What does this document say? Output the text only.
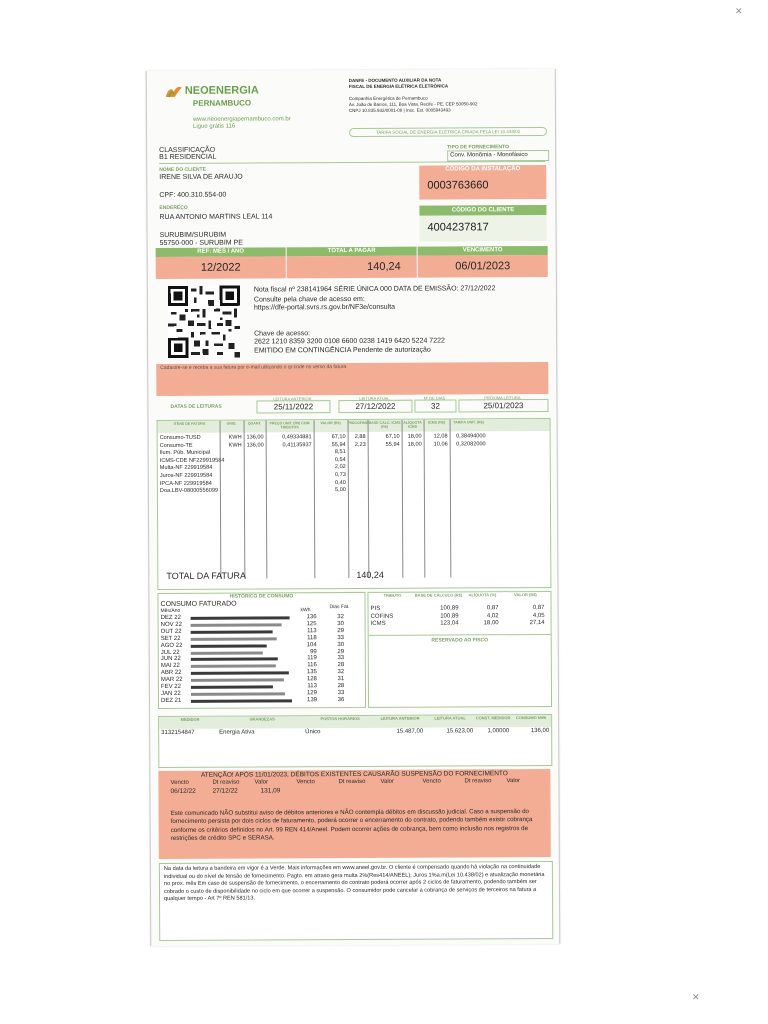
✕
✕
NEOENERGIA
PERNAMBUCO
www.neoenergiapernambuco.com.br
Ligue grátis 116
DANFE - DOCUMENTO AUXILIAR DA NOTA
FISCAL DE ENERGIA ELÉTRICA ELETRÔNICA
Companhia Energética de Pernambuco
Av. João de Barros, 111, Boa Vista, Recife - PE, CEP 50050-902
CNPJ 10.835.932/0001-08 | Insc. Est. 0005943493
TARIFA SOCIAL DE ENERGIA ELÉTRICA CRIADA PELA LEI 10.438/02
CLASSIFICAÇÃO
B1 RESIDENCIAL
TIPO DE FORNECIMENTO
Conv. Monômia - Monofásico
NOME DO CLIENTE
IRENE SILVA DE ARAUJO
CPF: 400.310.554-00
CÓDIGO DA INSTALAÇÃO
0003763660
ENDEREÇO
RUA ANTONIO MARTINS LEAL 114
SURUBIM/SURUBIM
55750-000 - SURUBIM PE
CÓDIGO DO CLIENTE
4004237817
REF: MÊS / ANO	TOTAL A PAGAR	VENCIMENTO
12/2022	140,24	06/01/2023
Nota fiscal nº 238141964 SÉRIE ÚNICA 000 DATA DE EMISSÃO: 27/12/2022
Consulte pela chave de acesso em:
https://dfe-portal.svrs.rs.gov.br/NF3e/consulta
Chave de acesso:
2622 1210 8359 3200 0108 6600 0238 1419 6420 5224 7222
EMITIDO EM CONTINGÊNCIA Pendente de autorização
Cadastre-se e receba a sua fatura por e-mail utilizando o qr code no verso da fatura
DATAS DE LEITURAS
LEITURA ANTERIOR
25/11/2022
LEITURA ATUAL
27/12/2022
Nº DE DIAS
32
PRÓXIMA LEITURA
25/01/2023
ITENS DE FATURA	UNID.	QUANT.	PREÇO UNIT. (R$) COM TRIBUTOS
VALOR (R$)	PIS/COFINS BASE CALC. ICMS (R$)
ALÍQUOTA ICMS
ICMS (R$)	TARIFA UNIT. (R$)
Consumo-TUSD	KWH 136,00	0,49334881	67,10	2,88	67,10	18,00	12,08	0,38494000
Consumo-TE	KWH 136,00	0,41135937	55,94	2,23	55,94	18,00	10,06	0,32082000
Ilum. Púb. Municipal	8,51
ICMS-CDE NF229919584	0,54
Multa-NF 229919584	2,02
Juros-NF 229919584	0,73
IPCA-NF 229919584	0,40
Doa.LBV-08000556099	5,00
TOTAL DA FATURA	140,24
HISTÓRICO DE CONSUMO
CONSUMO FATURADO
Mês/Ano	kWh
Dias Fat.
DEZ 22	136	32
NOV 22	125	30
OUT 22	113	29
SET 22	118	33
AGO 22	104	30
JUL 22	99	29
JUN 22	119	33
MAI 22	116	28
ABR 22	135	32
MAR 22	128	31
FEV 22	113	28
JAN 22	129	33
DEZ 21	139	36
TRIBUTO	BASE DE CÁLCULO (R$)	ALÍQUOTA (%)	VALOR (R$)
PIS	100,89	0,87	0,87
COFINS	100,89	4,02	4,05
ICMS	123,04	18,00	27,14
RESERVADO AO FISCO
MEDIDOR	GRANDEZAS	POSTOS HORÁRIOS	LEITURA ANTERIOR	LEITURA ATUAL	CONST. MEDIDOR	CONSUMO kWh
3132154847	Energia Ativa	Único	15.487,00	15.623,00	1,00000	136,00
ATENÇÃO! APÓS 11/01/2023, DÉBITOS EXISTENTES CAUSARÃO SUSPENSÃO DO FORNECIMENTO
Vencto	Dt reaviso Valor	Vencto	Dt reaviso Valor	Vencto	Dt reaviso Valor
06/12/22	27/12/22	131,09
Este comunicado NÃO substitui aviso de débitos anteriores e NÃO contempla débitos em discussão judicial. Caso a suspensão do fornecimento persista por dois ciclos de faturamento, poderá ocorrer o encerramento do contrato, podendo também existir cobrança conforme os critérios definidos no Art. 99 REN 414/Aneel. Podem ocorrer ações de cobrança, bem como inclusão nos registros de restrições de crédito SPC e SERASA.
Na data da leitura a bandeira em vigor é a Verde. Mais informações em www.aneel.gov.br. O cliente é compensado quando há violação na continuidade individual ou do nível de tensão de fornecimento. Pagto. em atraso gera multa 2%(Res414/ANEEL), Juros 1%a.m(Lei 10.438/02) e atualização monetária no prox. mês Em caso de suspensão de fornecimento, o encerramento do contrato poderá ocorrer após 2 ciclos de faturamento, podendo também ser cobrado o custo de disponibilidade no ciclo em que ocorrer a suspensão. O consumidor pode cancelar a cobrança de serviços de terceiros na fatura a qualquer tempo - Art 7º REN 581/13.
